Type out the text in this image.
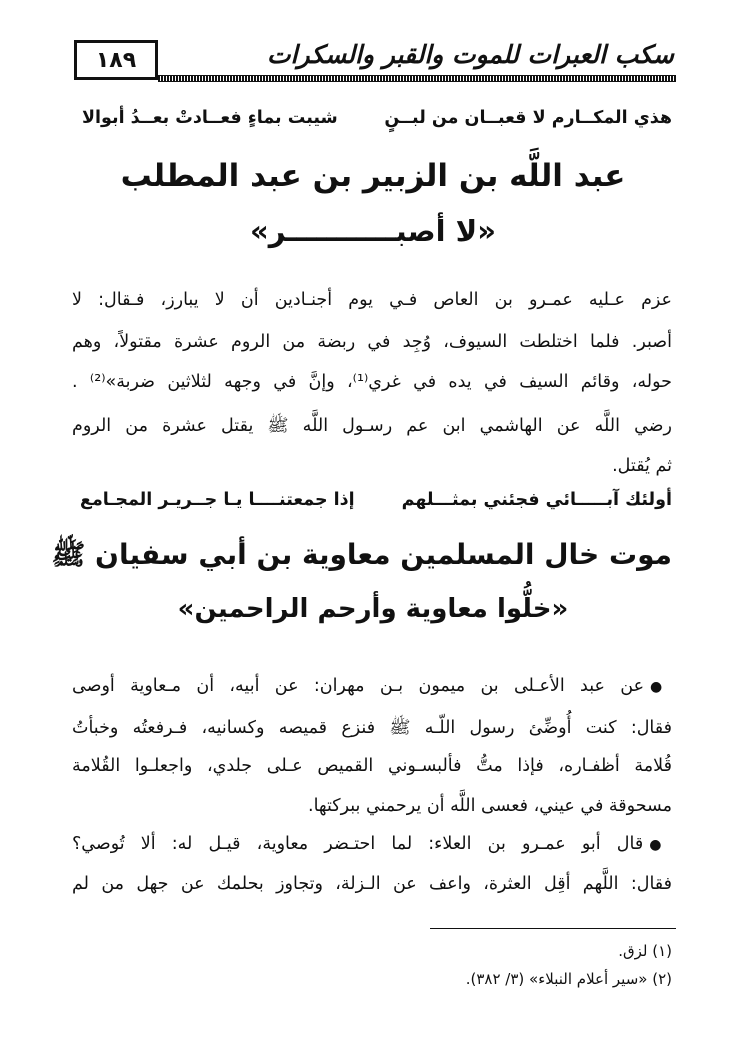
١٨٩	سكب العبرات للموت والقبر والسكرات
هذي المكــارم لا قعبــان من لبــنٍ
شيبت بماءٍ فعــادتْ بعــدُ أبوالا
عبد اللَّه بن الزبير بن عبد المطلب
«لا أصبـــــــــــر»
عزم عـليه عمـرو بن العاص فـي يوم أجنـادين أن لا يبارز، فـقال: لا
أصبر. فلما اختلطت السيوف، وُجِد في ربضة من الروم عشرة مقتولاً، وهم
حوله، وقائم السيف في يده في غري⁽¹⁾، وإنَّ في وجهه لثلاثين ضربة»⁽²⁾ .
رضي اللَّه عن الهاشمي ابن عم رسـول اللَّه ﷺ يقتل عشرة من الروم
ثم يُقتل.
أولئك آبـــــائي فجئني بمثـــلهم
إذا جمعتنــــا يـا جــريـر المجـامع
موت خال المسلمين معاوية بن أبي سفيان ﷺ
«خلُّوا معاوية وأرحم الراحمين»
● عن عبد الأعـلى بن ميمون بـن مهران: عن أبيه، أن مـعاوية أوصى
فقال: كنت أُوضِّئ رسول اللّـه ﷺ فنزع قميصه وكسانيه، فـرفعتُه وخبأتُ
قُلامة أظفـاره، فإذا متُّ فألبسـوني القميص عـلى جلدي، واجعلـوا القُلامة
مسحوقة في عيني، فعسى اللَّه أن يرحمني ببركتها.
● قال أبو عمـرو بن العلاء: لما احتـضر معاوية، قيـل له: ألا تُوصي؟
فقال: اللَّهم أقِل العثرة، واعف عن الـزلة، وتجاوز بحلمك عن جهل من لم
(١) لزق.
(٢) «سير أعلام النبلاء» (٣/ ٣٨٢).
